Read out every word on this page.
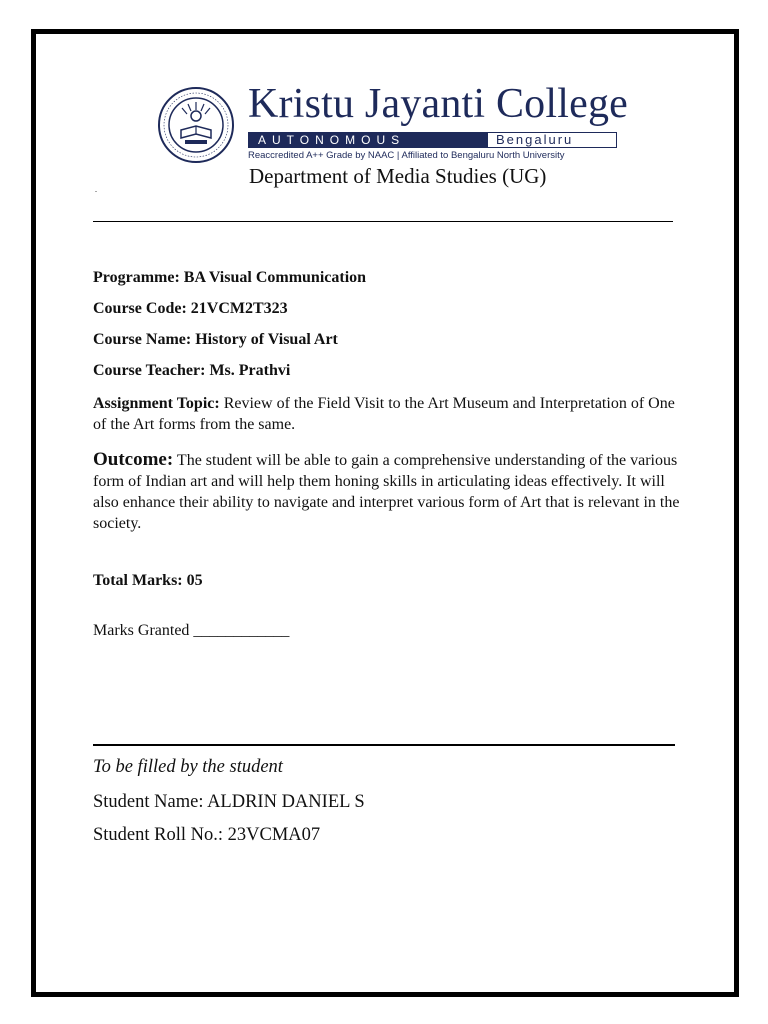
Kristu Jayanti College
AUTONOMOUS	Bengaluru
Reaccredited A++ Grade by NAAC | Affiliated to Bengaluru North University
Department of Media Studies (UG)
.
Programme: BA Visual Communication
Course Code: 21VCM2T323
Course Name: History of Visual Art
Course Teacher: Ms. Prathvi
Assignment Topic: Review of the Field Visit to the Art Museum and Interpretation of One of the Art forms from the same.
Outcome: The student will be able to gain a comprehensive understanding of the various form of Indian art and will help them honing skills in articulating ideas effectively. It will also enhance their ability to navigate and interpret various form of Art that is relevant in the society.
Total Marks: 05
Marks Granted ____________
To be filled by the student
Student Name: ALDRIN DANIEL S
Student Roll No.: 23VCMA07
